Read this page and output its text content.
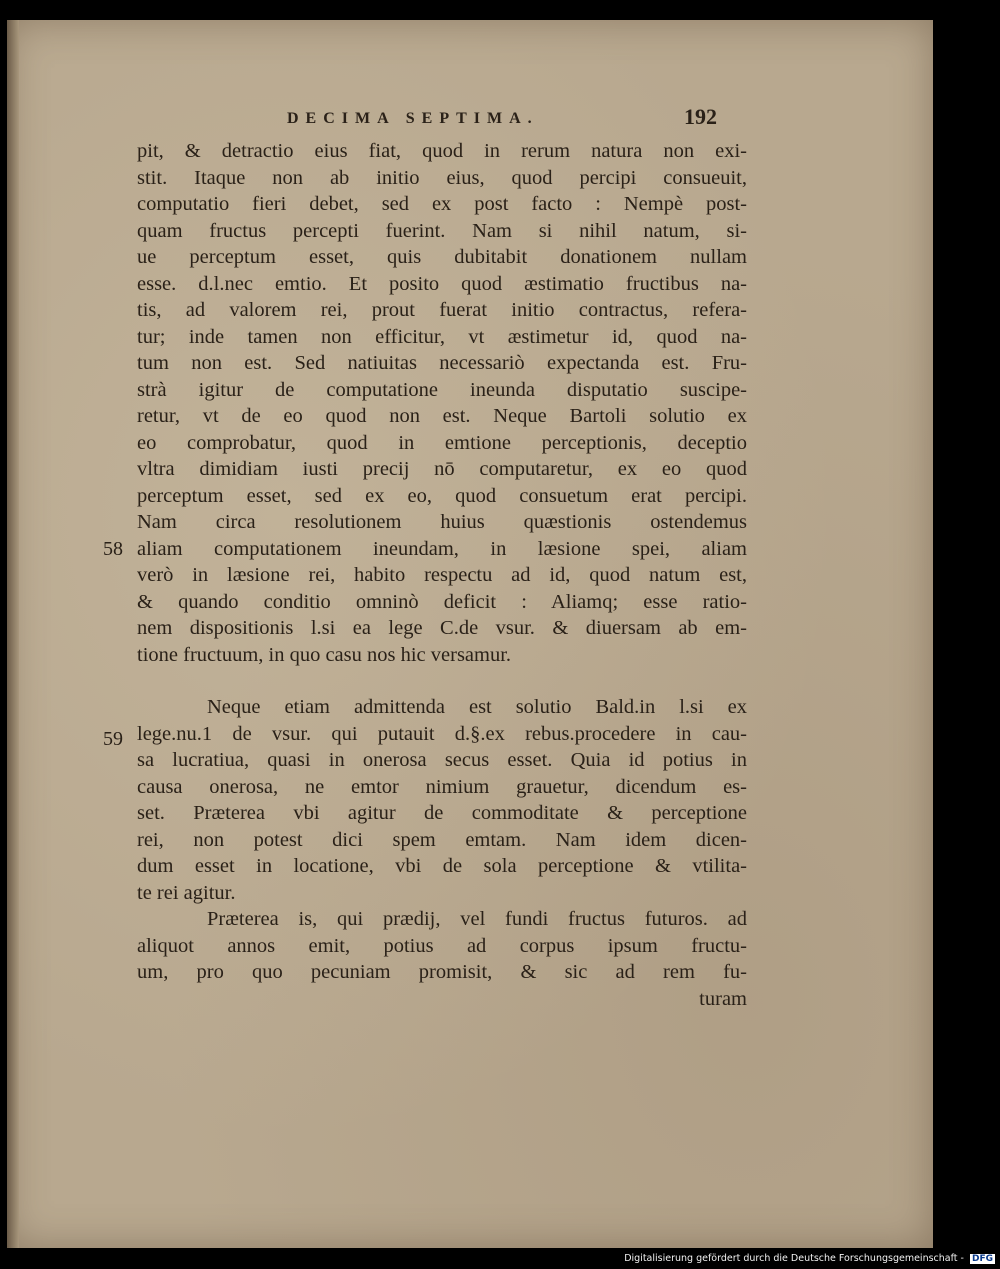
DECIMA SEPTIMA.	192
58
59
pit, & detractio eius fiat, quod in rerum natura non exi-
stit. Itaque non ab initio eius, quod percipi consueuit,
computatio fieri debet, sed ex post facto : Nempè post-
quam fructus percepti fuerint. Nam si nihil natum, si-
ue perceptum esset, quis dubitabit donationem nullam
esse. d.l.nec emtio. Et posito quod æstimatio fructibus na-
tis, ad valorem rei, prout fuerat initio contractus, refera-
tur; inde tamen non efficitur, vt æstimetur id, quod na-
tum non est. Sed natiuitas necessariò expectanda est. Fru-
strà igitur de computatione ineunda disputatio suscipe-
retur, vt de eo quod non est. Neque Bartoli solutio ex
eo comprobatur, quod in emtione perceptionis, deceptio
vltra dimidiam iusti precij nō computaretur, ex eo quod
perceptum esset, sed ex eo, quod consuetum erat percipi.
Nam circa resolutionem huius quæstionis ostendemus
aliam computationem ineundam, in læsione spei, aliam
verò in læsione rei, habito respectu ad id, quod natum est,
& quando conditio omninò deficit : Aliamq; esse ratio-
nem dispositionis l.si ea lege C.de vsur. & diuersam ab em-
tione fructuum, in quo casu nos hic versamur.
Neque etiam admittenda est solutio Bald.in l.si ex
lege.nu.1 de vsur. qui putauit d.§.ex rebus.procedere in cau-
sa lucratiua, quasi in onerosa secus esset. Quia id potius in
causa onerosa, ne emtor nimium grauetur, dicendum es-
set. Præterea vbi agitur de commoditate & perceptione
rei, non potest dici spem emtam. Nam idem dicen-
dum esset in locatione, vbi de sola perceptione & vtilita-
te rei agitur.
Præterea is, qui prædij, vel fundi fructus futuros. ad
aliquot annos emit, potius ad corpus ipsum fructu-
um, pro quo pecuniam promisit, & sic ad rem fu-
turam
Digitalisierung gefördert durch die Deutsche Forschungsgemeinschaft - DFG
